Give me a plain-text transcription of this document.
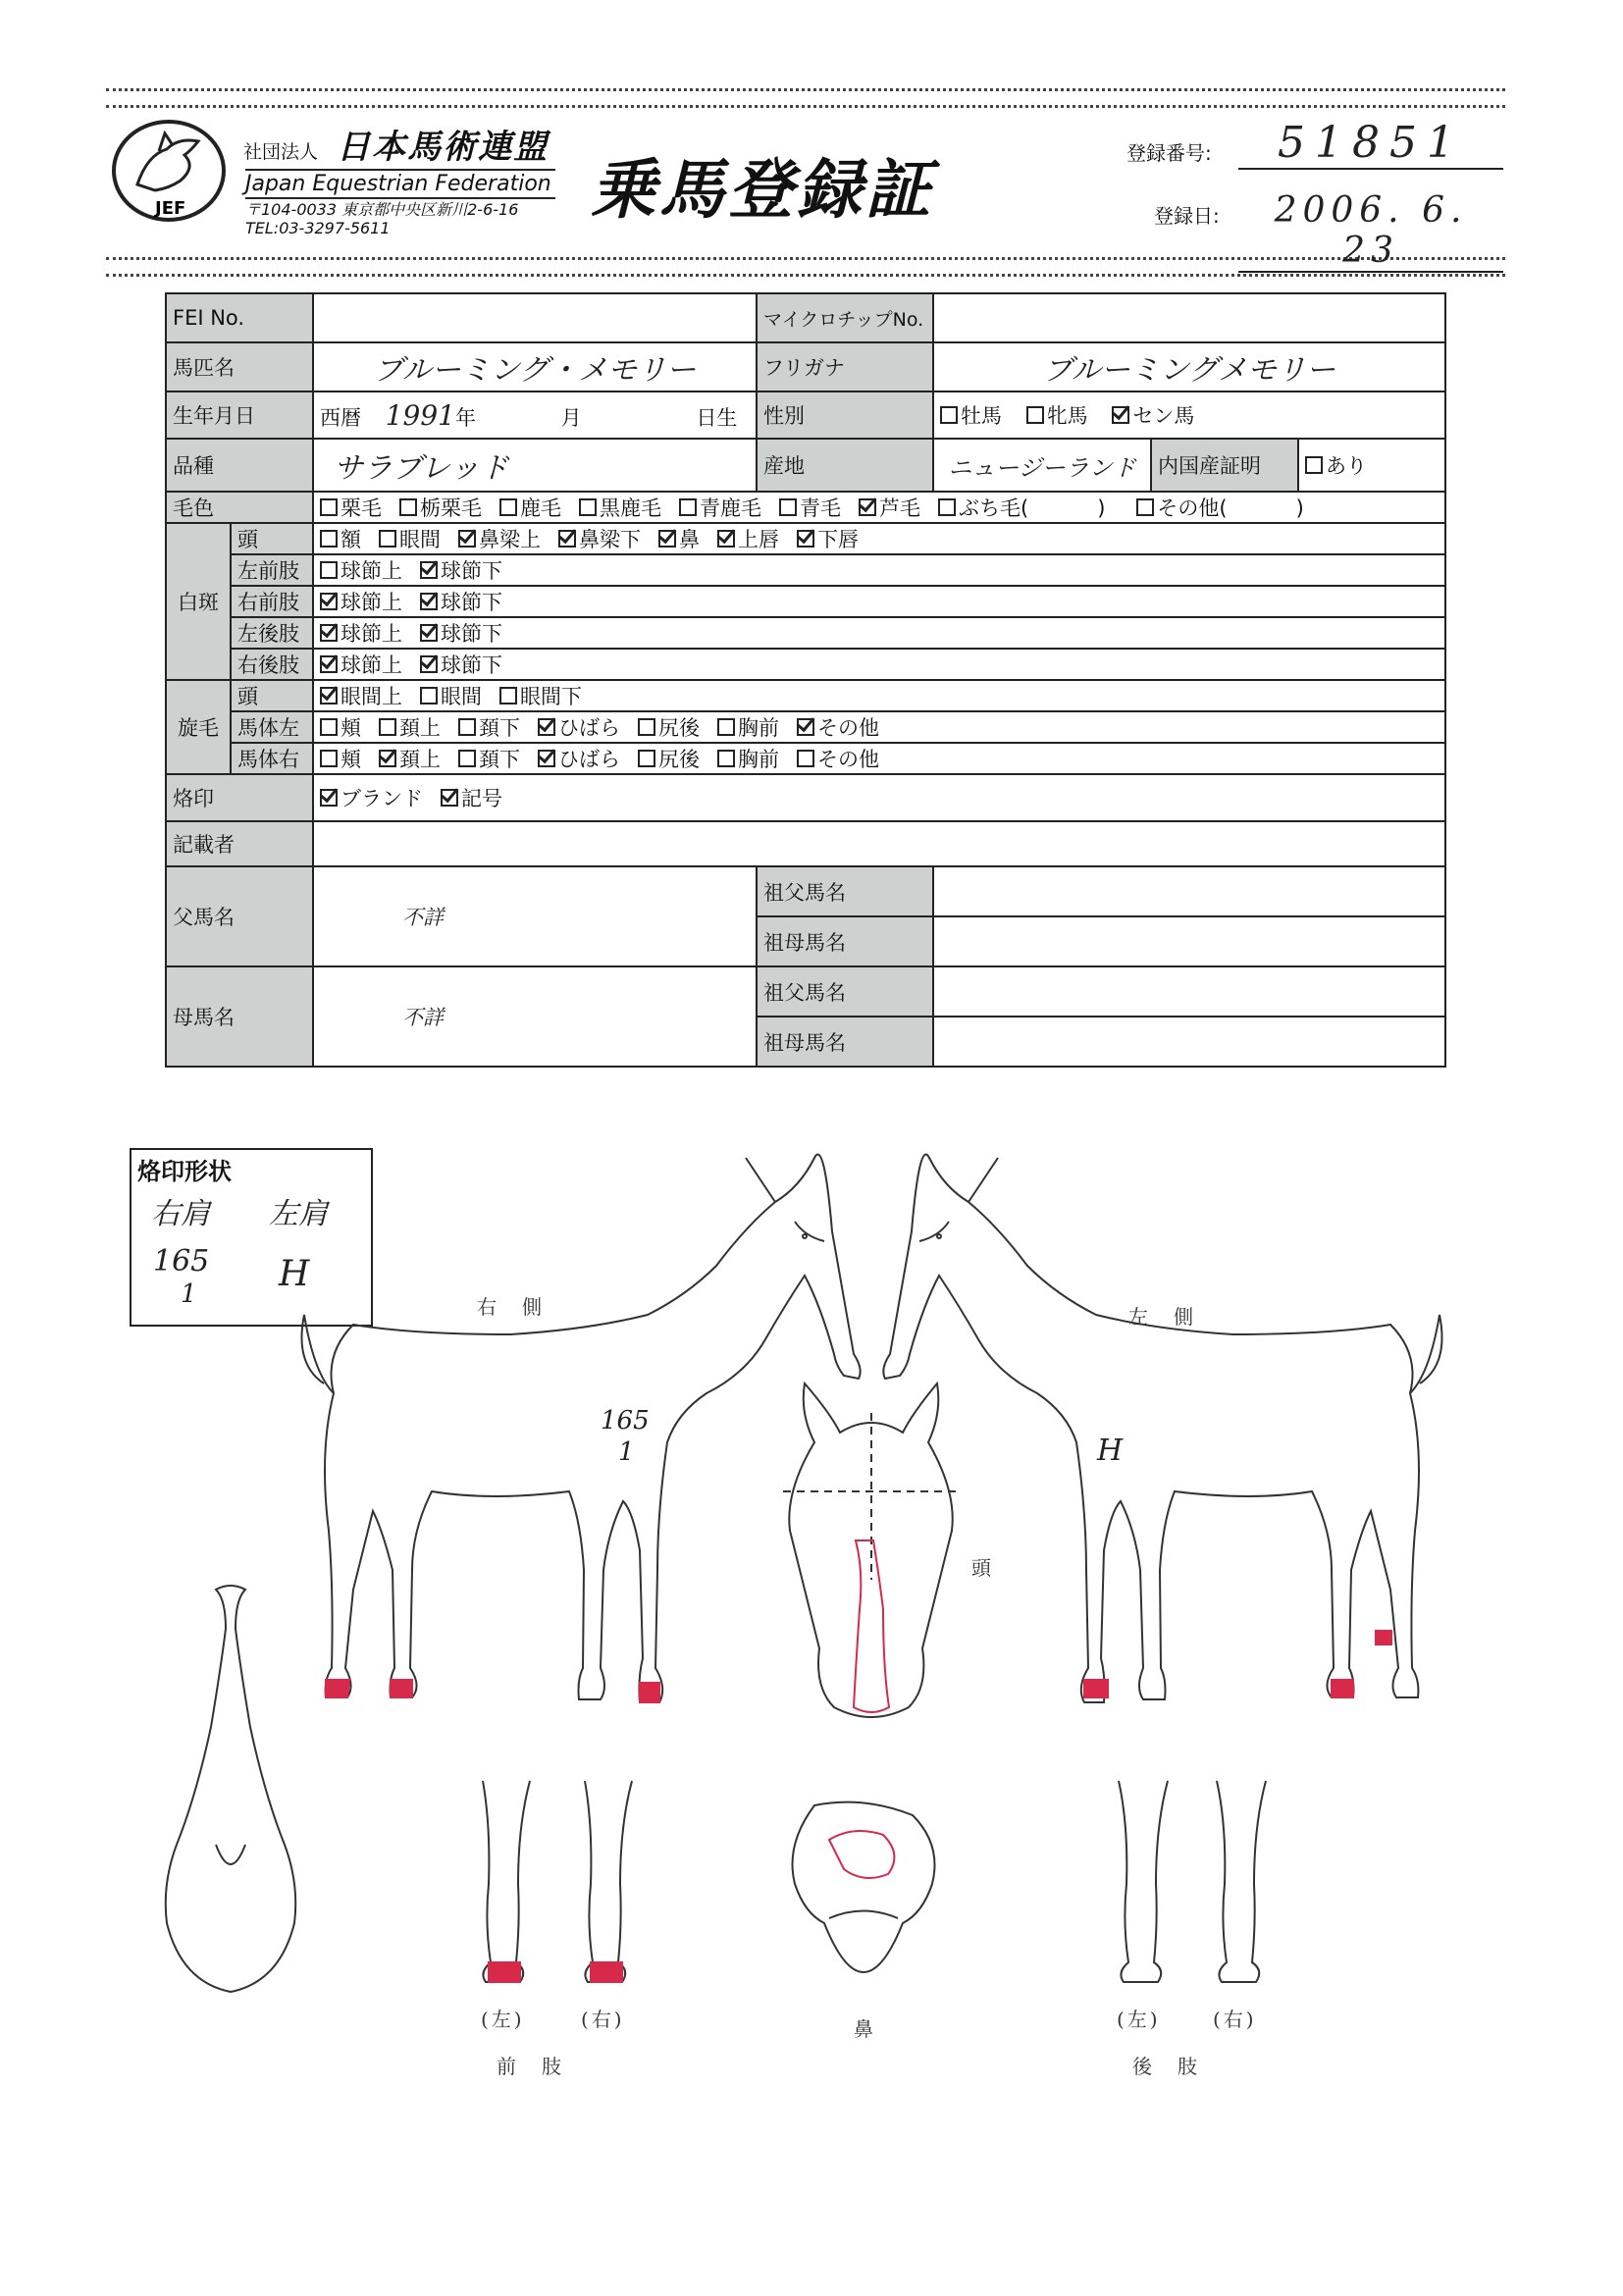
JEF
社団法人 日本馬術連盟
Japan Equestrian Federation
〒104-0033 東京都中央区新川2-6-16
TEL:03-3297-5611
乗馬登録証	登録番号:	51851
登録日:	2006. 6. 23
FEI No.			マイクロチップNo.			
馬匹名		ブルーミング・メモリー	フリガナ	ブルーミングメモリー		
生年月日		西暦 1991年 月 日生	性別	牡馬 牝馬 セン馬		
品種		サラブレッド	産地	ニュージーランド	内国産証明	あり
毛色		栗毛 栃栗毛 鹿毛 黒鹿毛 青鹿毛 青毛 芦毛 ぶち毛( ) その他( )				
白斑	頭	額 眼間 鼻梁上 鼻梁下 鼻 上唇 下唇				
	左前肢	球節上 球節下				
	右前肢	球節上 球節下				
	左後肢	球節上 球節下				
	右後肢	球節上 球節下				
旋毛	頭	眼間上 眼間 眼間下				
	馬体左	頬 頚上 頚下 ひばら 尻後 胸前 その他				
	馬体右	頬 頚上 頚下 ひばら 尻後 胸前 その他				
烙印		ブランド 記号				
記載者						
父馬名		不詳	祖父馬名			
			祖母馬名			
母馬名		不詳	祖父馬名			
			祖母馬名			
烙印形状
右肩 左肩
165
1 H
165
1	H
右　側	左　側
頭
鼻
(左)	(右)
前　肢
(左)	(右)
後　肢
